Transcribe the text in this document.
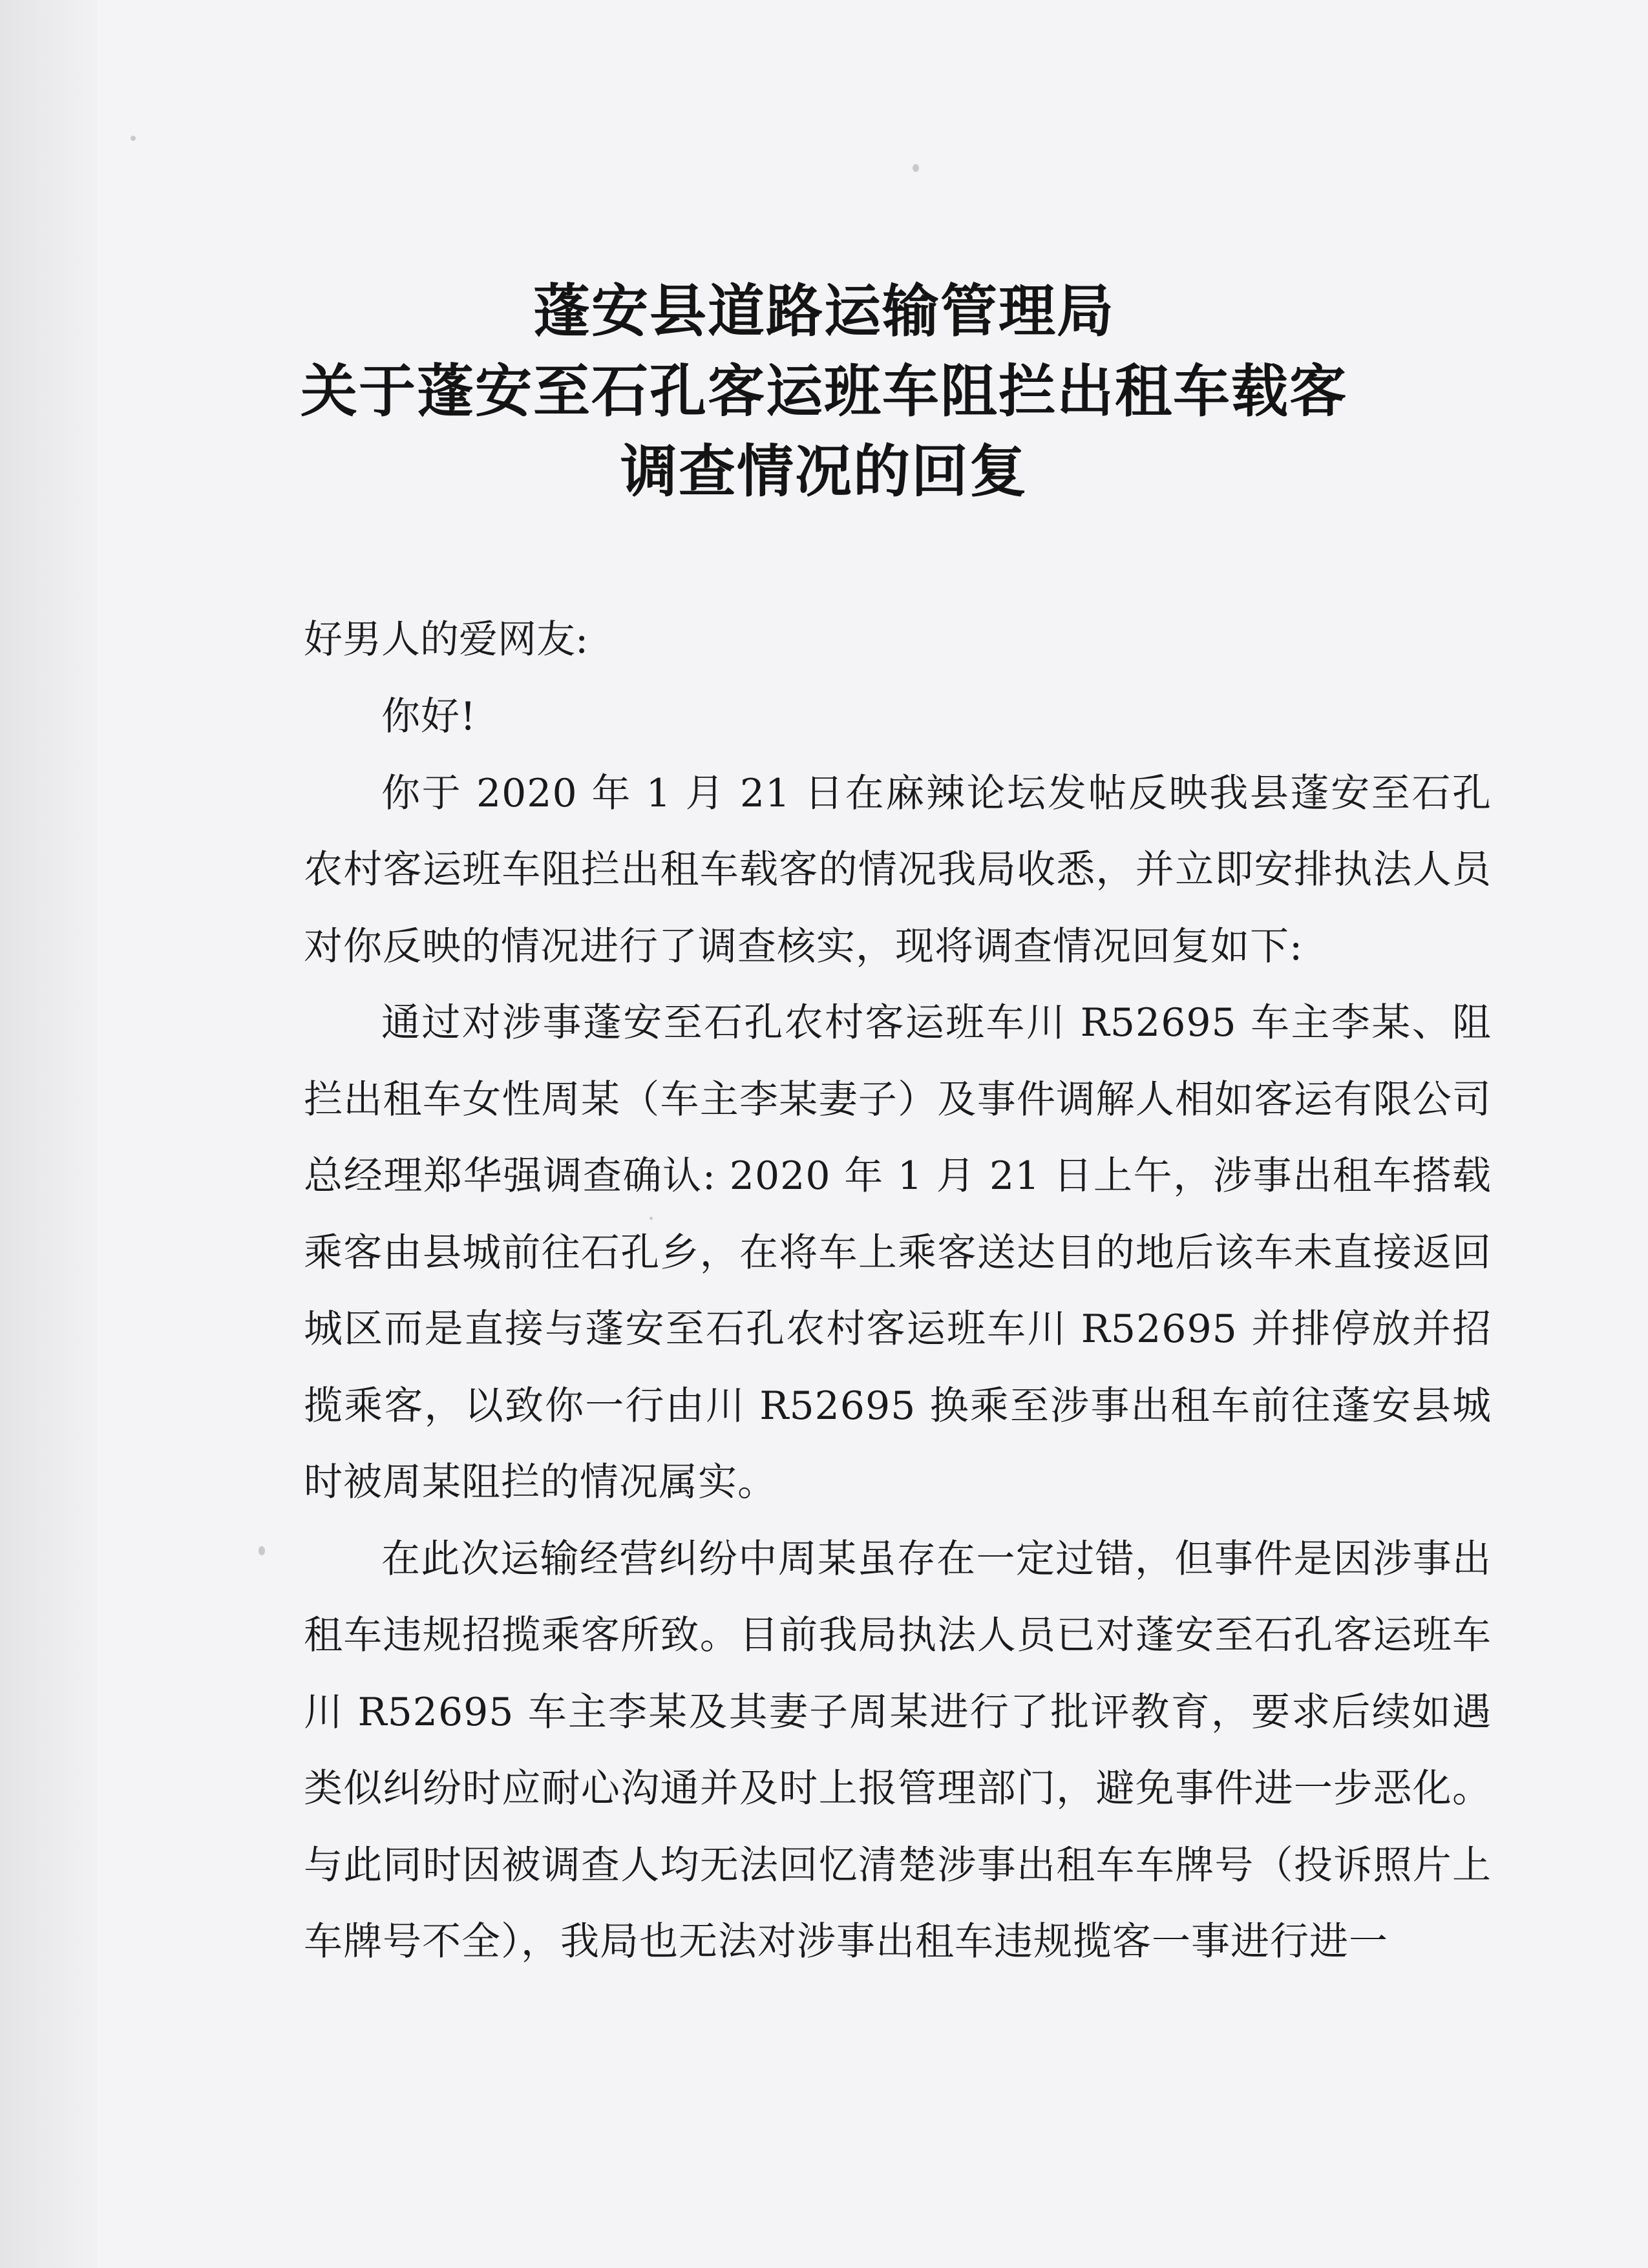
蓬安县道路运输管理局
关于蓬安至石孔客运班车阻拦出租车载客
调查情况的回复

好男人的爱网友:

你好!

你于 2020 年 1 月 21 日在麻辣论坛发帖反映我县蓬安至石孔农村客运班车阻拦出租车载客的情况我局收悉，并立即安排执法人员对你反映的情况进行了调查核实，现将调查情况回复如下:

通过对涉事蓬安至石孔农村客运班车川 R52695 车主李某、阻拦出租车女性周某（车主李某妻子）及事件调解人相如客运有限公司总经理郑华强调查确认: 2020 年 1 月 21 日上午，涉事出租车搭载乘客由县城前往石孔乡，在将车上乘客送达目的地后该车未直接返回城区而是直接与蓬安至石孔农村客运班车川 R52695 并排停放并招揽乘客，以致你一行由川 R52695 换乘至涉事出租车前往蓬安县城时被周某阻拦的情况属实。

在此次运输经营纠纷中周某虽存在一定过错，但事件是因涉事出租车违规招揽乘客所致。目前我局执法人员已对蓬安至石孔客运班车川 R52695 车主李某及其妻子周某进行了批评教育，要求后续如遇类似纠纷时应耐心沟通并及时上报管理部门，避免事件进一步恶化。与此同时因被调查人均无法回忆清楚涉事出租车车牌号（投诉照片上车牌号不全），我局也无法对涉事出租车违规揽客一事进行进一
